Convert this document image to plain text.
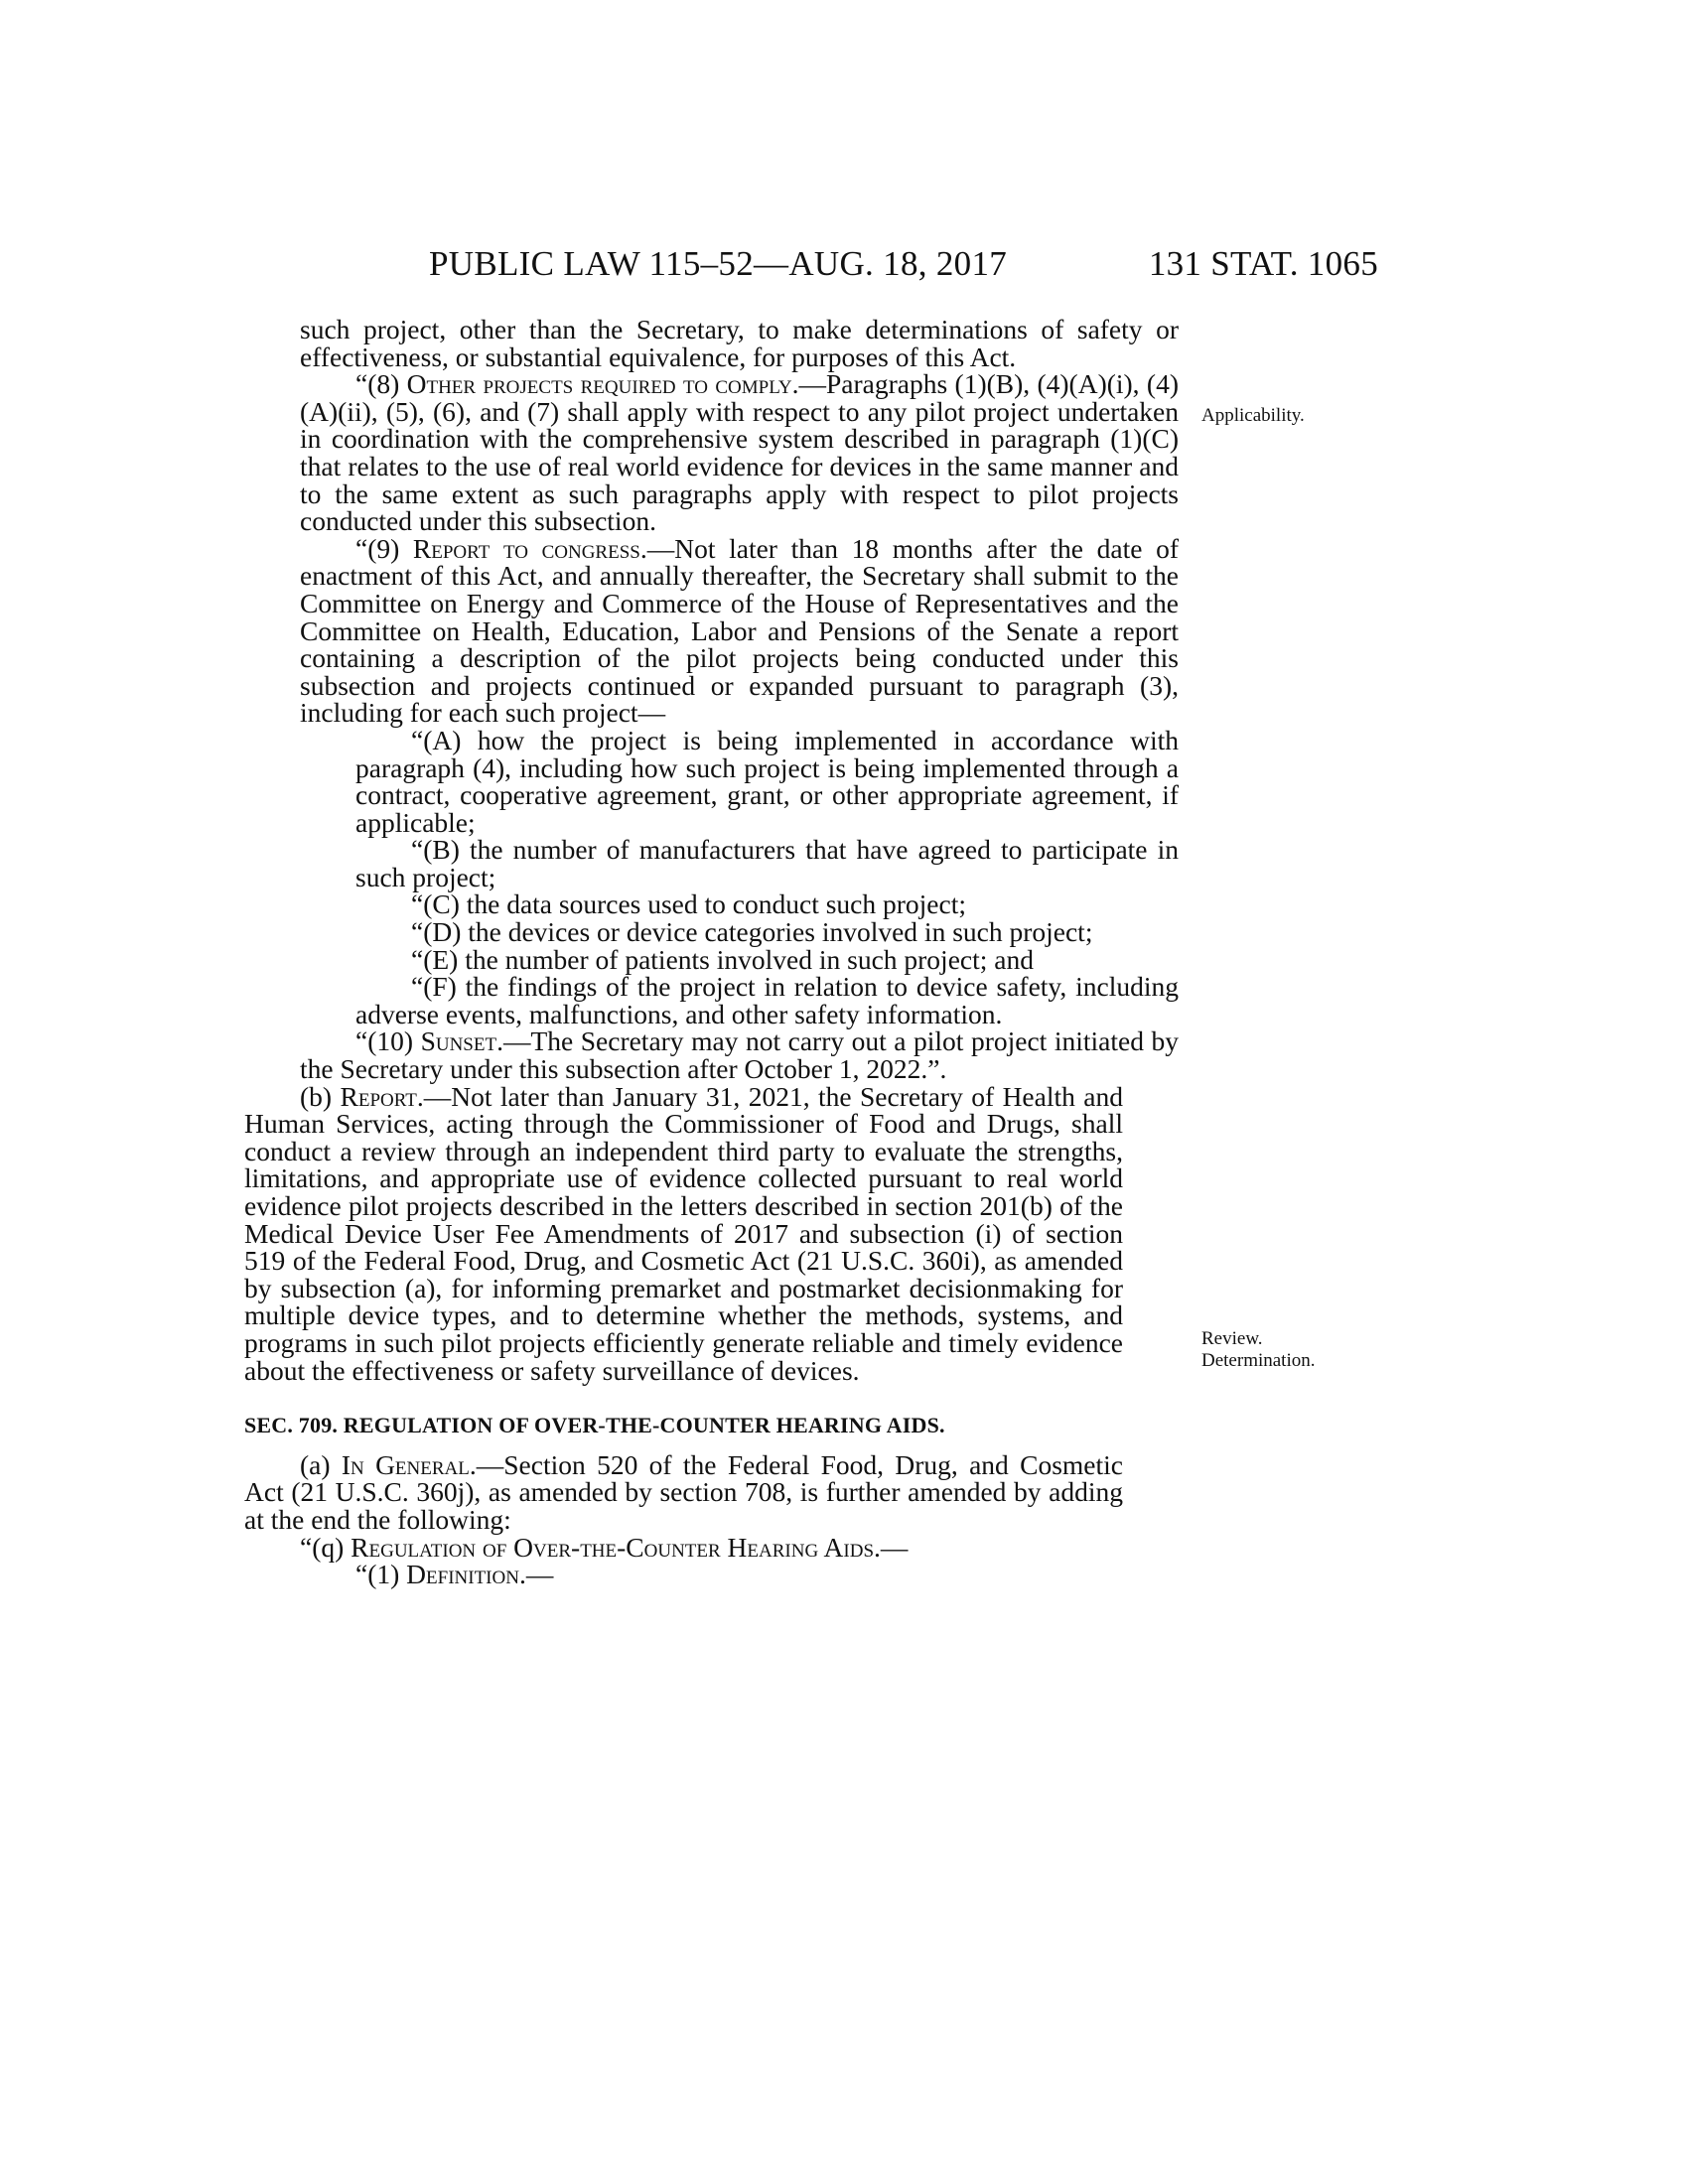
PUBLIC LAW 115–52—AUG. 18, 2017	131 STAT. 1065
Applicability.
Review.
Determination.

such project, other than the Secretary, to make determinations of safety or effectiveness, or substantial equivalence, for purposes of this Act.

“(8) Other projects required to comply.—Paragraphs (1)(B), (4)(A)(i), (4)(A)(ii), (5), (6), and (7) shall apply with respect to any pilot project undertaken in coordination with the comprehensive system described in paragraph (1)(C) that relates to the use of real world evidence for devices in the same manner and to the same extent as such paragraphs apply with respect to pilot projects conducted under this subsection.

“(9) Report to congress.—Not later than 18 months after the date of enactment of this Act, and annually thereafter, the Secretary shall submit to the Committee on Energy and Commerce of the House of Representatives and the Committee on Health, Education, Labor and Pensions of the Senate a report containing a description of the pilot projects being conducted under this subsection and projects continued or expanded pursuant to paragraph (3), including for each such project—

“(A) how the project is being implemented in accordance with paragraph (4), including how such project is being implemented through a contract, cooperative agreement, grant, or other appropriate agreement, if applicable;

“(B) the number of manufacturers that have agreed to participate in such project;

“(C) the data sources used to conduct such project;

“(D) the devices or device categories involved in such project;

“(E) the number of patients involved in such project; and

“(F) the findings of the project in relation to device safety, including adverse events, malfunctions, and other safety information.

“(10) Sunset.—The Secretary may not carry out a pilot project initiated by the Secretary under this subsection after October 1, 2022.”.

(b) Report.—Not later than January 31, 2021, the Secretary of Health and Human Services, acting through the Commissioner of Food and Drugs, shall conduct a review through an independent third party to evaluate the strengths, limitations, and appropriate use of evidence collected pursuant to real world evidence pilot projects described in the letters described in section 201(b) of the Medical Device User Fee Amendments of 2017 and subsection (i) of section 519 of the Federal Food, Drug, and Cosmetic Act (21 U.S.C. 360i), as amended by subsection (a), for informing premarket and postmarket decisionmaking for multiple device types, and to determine whether the methods, systems, and programs in such pilot projects efficiently generate reliable and timely evidence about the effectiveness or safety surveillance of devices.

SEC. 709. REGULATION OF OVER-THE-COUNTER HEARING AIDS.

(a) In General.—Section 520 of the Federal Food, Drug, and Cosmetic Act (21 U.S.C. 360j), as amended by section 708, is further amended by adding at the end the following:

“(q) Regulation of Over-the-Counter Hearing Aids.—

“(1) Definition.—
